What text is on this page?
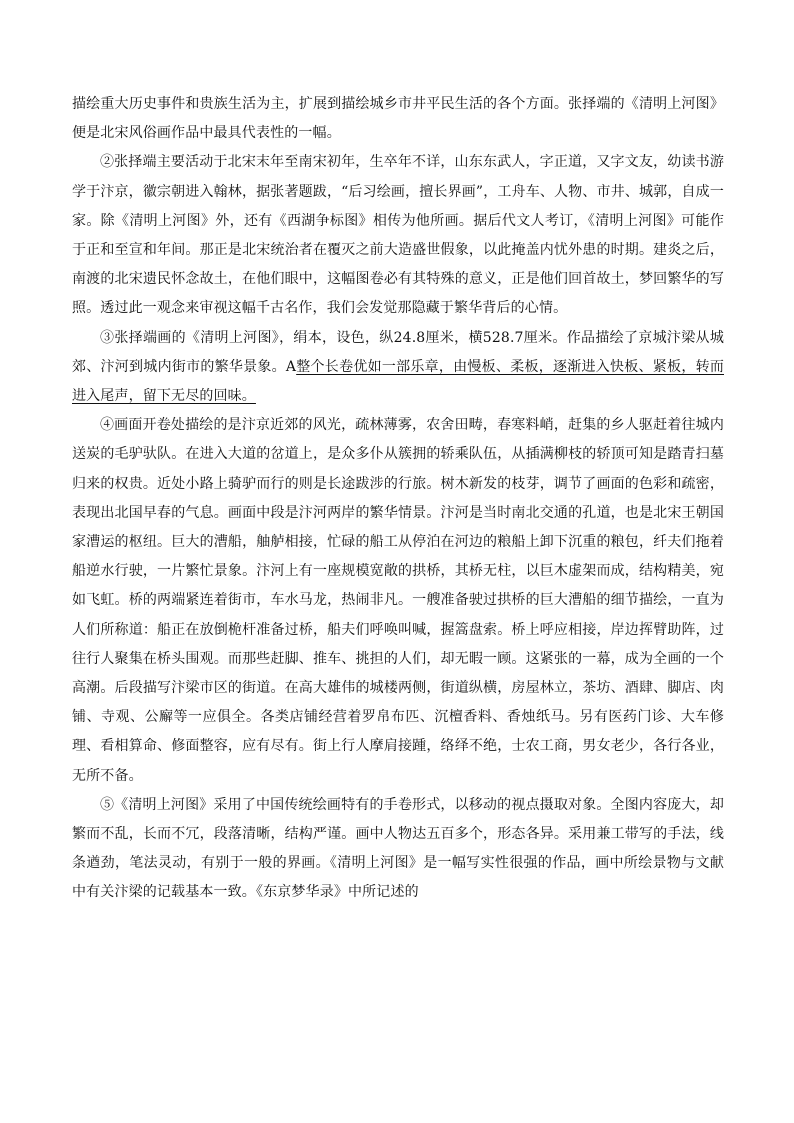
描绘重大历史事件和贵族生活为主，扩展到描绘城乡市井平民生活的各个方面。张择端的《清明上河图》便是北宋风俗画作品中最具代表性的一幅。

②张择端主要活动于北宋末年至南宋初年，生卒年不详，山东东武人，字正道，又字文友，幼读书游学于汴京，徽宗朝进入翰林，据张著题跋，“后习绘画，擅长界画”，工舟车、人物、市井、城郭，自成一家。除《清明上河图》外，还有《西湖争标图》相传为他所画。据后代文人考订，《清明上河图》可能作于正和至宣和年间。那正是北宋统治者在覆灭之前大造盛世假象，以此掩盖内忧外患的时期。建炎之后，南渡的北宋遗民怀念故土，在他们眼中，这幅图卷必有其特殊的意义，正是他们回首故土，梦回繁华的写照。透过此一观念来审视这幅千古名作，我们会发觉那隐藏于繁华背后的心情。

③张择端画的《清明上河图》，绢本，设色，纵24.8厘米，横528.7厘米。作品描绘了京城汴梁从城郊、汴河到城内街市的繁华景象。A整个长卷优如一部乐章，由慢板、柔板，逐渐进入快板、紧板，转而进入尾声，留下无尽的回味。

④画面开卷处描绘的是汴京近郊的风光，疏林薄雾，农舍田畴，春寒料峭，赶集的乡人驱赶着往城内送炭的毛驴驮队。在进入大道的岔道上，是众多仆从簇拥的轿乘队伍，从插满柳枝的轿顶可知是踏青扫墓归来的权贵。近处小路上骑驴而行的则是长途跋涉的行旅。树木新发的枝芽，调节了画面的色彩和疏密，表现出北国早春的气息。画面中段是汴河两岸的繁华情景。汴河是当时南北交通的孔道，也是北宋王朝国家漕运的枢纽。巨大的漕船，舳舻相接，忙碌的船工从停泊在河边的粮船上卸下沉重的粮包，纤夫们拖着船逆水行驶，一片繁忙景象。汴河上有一座规模宽敞的拱桥，其桥无柱，以巨木虚架而成，结构精美，宛如飞虹。桥的两端紧连着街市，车水马龙，热闹非凡。一艘准备驶过拱桥的巨大漕船的细节描绘，一直为人们所称道：船正在放倒桅杆准备过桥，船夫们呼唤叫喊，握篙盘索。桥上呼应相接，岸边挥臂助阵，过往行人聚集在桥头围观。而那些赶脚、推车、挑担的人们，却无暇一顾。这紧张的一幕，成为全画的一个高潮。后段描写汴梁市区的街道。在高大雄伟的城楼两侧，街道纵横，房屋林立，茶坊、酒肆、脚店、肉铺、寺观、公廨等一应俱全。各类店铺经营着罗帛布匹、沉檀香料、香烛纸马。另有医药门诊、大车修理、看相算命、修面整容，应有尽有。街上行人摩肩接踵，络绎不绝，士农工商，男女老少，各行各业，无所不备。

⑤《清明上河图》采用了中国传统绘画特有的手卷形式，以移动的视点摄取对象。全图内容庞大，却繁而不乱，长而不冗，段落清晰，结构严谨。画中人物达五百多个，形态各异。采用兼工带写的手法，线条遒劲，笔法灵动，有别于一般的界画。《清明上河图》是一幅写实性很强的作品，画中所绘景物与文献中有关汴梁的记载基本一致。《东京梦华录》中所记述的
